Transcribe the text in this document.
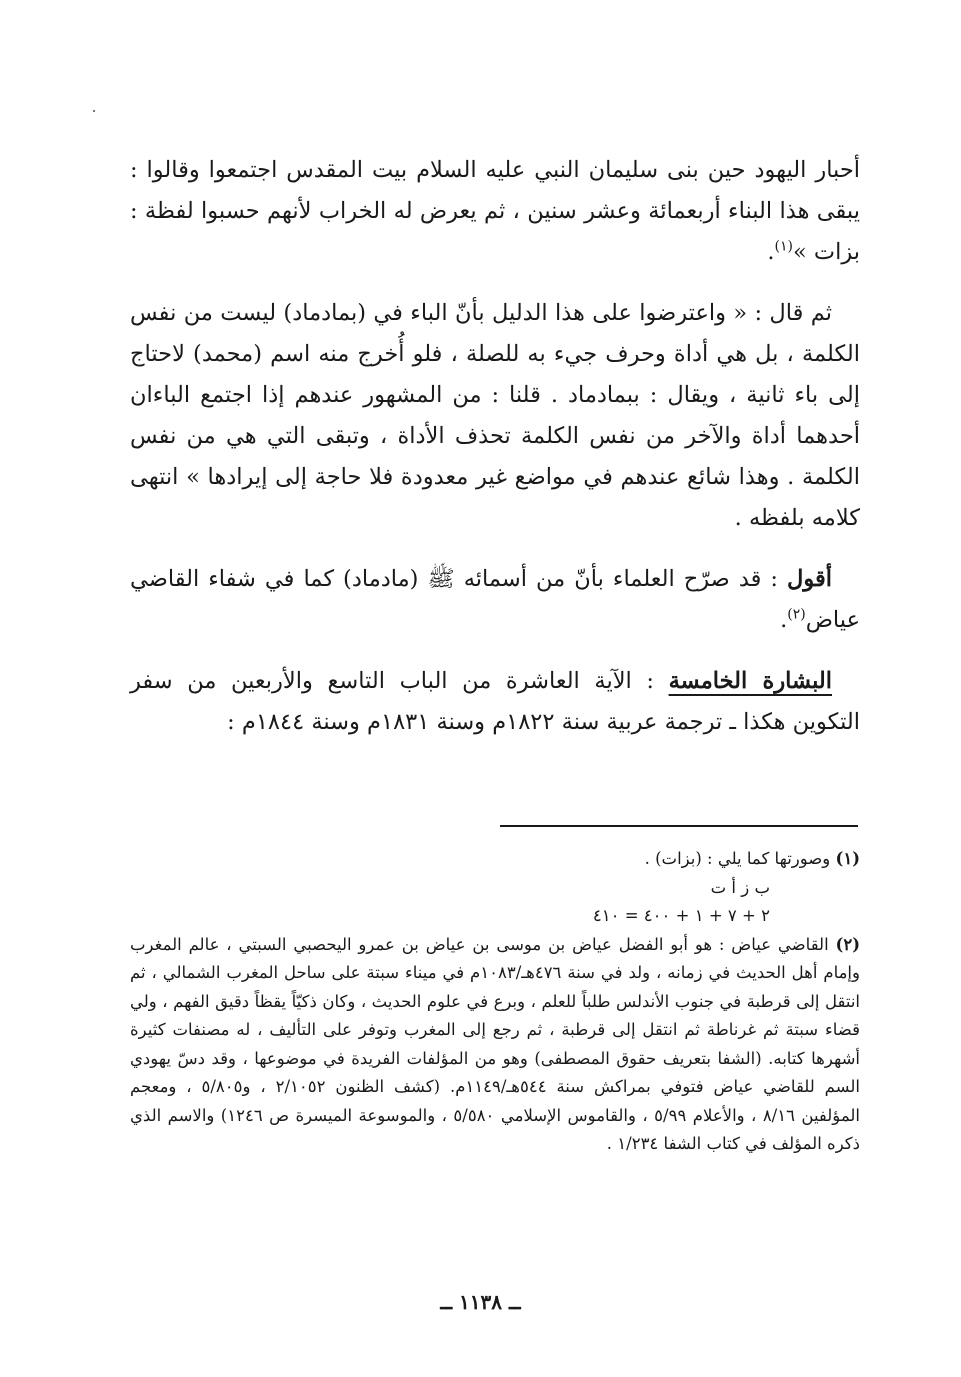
أحبار اليهود حين بنى سليمان النبي عليه السلام بيت المقدس اجتمعوا وقالوا : يبقى هذا البناء أربعمائة وعشر سنين ، ثم يعرض له الخراب لأنهم حسبوا لفظة : بزات »$^{(١)}$.

ثم قال : « واعترضوا على هذا الدليل بأنّ الباء في (بمادماد) ليست من نفس الكلمة ، بل هي أداة وحرف جيء به للصلة ، فلو أُخرج منه اسم (محمد) لاحتاج إلى باء ثانية ، ويقال : ببمادماد . قلنا : من المشهور عندهم إذا اجتمع الباءان أحدهما أداة والآخر من نفس الكلمة تحذف الأداة ، وتبقى التي هي من نفس الكلمة . وهذا شائع عندهم في مواضع غير معدودة فلا حاجة إلى إيرادها » انتهى كلامه بلفظه .

أقول : قد صرّح العلماء بأنّ من أسمائه ﷺ (مادماد) كما في شفاء القاضي عياض$^{(٢)}$.

البشارة الخامسة : الآية العاشرة من الباب التاسع والأربعين من سفر التكوين هكذا ـ ترجمة عربية سنة ١٨٢٢م وسنة ١٨٣١م وسنة ١٨٤٤م :

(١) وصورتها كما يلي : (بزات) .

ب ز أ ت

٢ + ٧ + ١ + ٤٠٠ = ٤١٠

(٢) القاضي عياض : هو أبو الفضل عياض بن موسى بن عياض بن عمرو اليحصبي السبتي ، عالم المغرب وإمام أهل الحديث في زمانه ، ولد في سنة ٤٧٦هـ/١٠٨٣م في ميناء سبتة على ساحل المغرب الشمالي ، ثم انتقل إلى قرطبة في جنوب الأندلس طلباً للعلم ، وبرع في علوم الحديث ، وكان ذكيّاً يقظاً دقيق الفهم ، ولي قضاء سبتة ثم غرناطة ثم انتقل إلى قرطبة ، ثم رجع إلى المغرب وتوفر على التأليف ، له مصنفات كثيرة أشهرها كتابه. (الشفا بتعريف حقوق المصطفى) وهو من المؤلفات الفريدة في موضوعها ، وقد دسّ يهودي السم للقاضي عياض فتوفي بمراكش سنة ٥٤٤هـ/١١٤٩م. (كشف الظنون ٢/١٠٥٢ ، و٥/٨٠٥ ، ومعجم المؤلفين ٨/١٦ ، والأعلام ٥/٩٩ ، والقاموس الإسلامي ٥/٥٨٠ ، والموسوعة الميسرة ص ١٢٤٦) والاسم الذي ذكره المؤلف في كتاب الشفا ١/٢٣٤ .

ــ ١١٣٨ ــ
